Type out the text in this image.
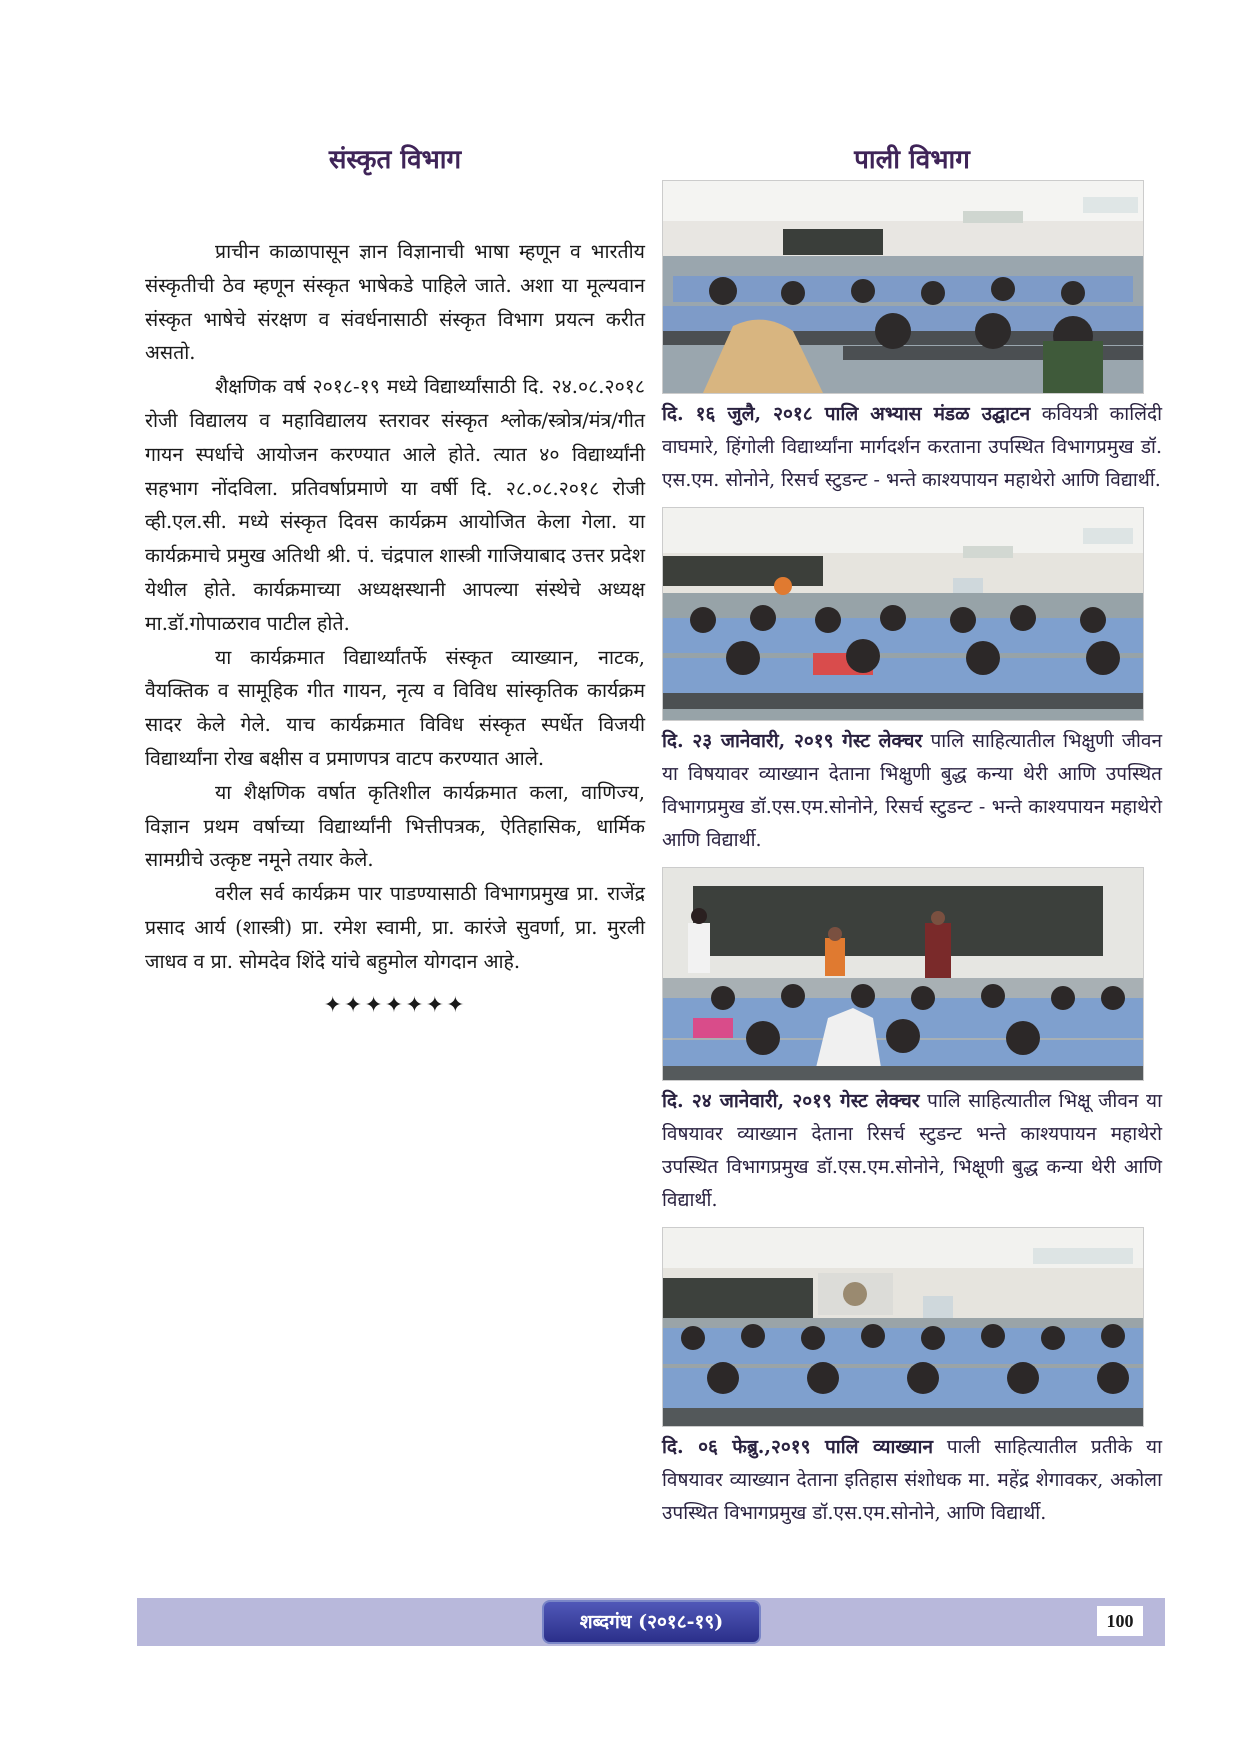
संस्कृत विभाग

प्राचीन काळापासून ज्ञान विज्ञानाची भाषा म्हणून व भारतीय संस्कृतीची ठेव म्हणून संस्कृत भाषेकडे पाहिले जाते. अशा या मूल्यवान संस्कृत भाषेचे संरक्षण व संवर्धनासाठी संस्कृत विभाग प्रयत्न करीत असतो.

शैक्षणिक वर्ष २०१८-१९ मध्ये विद्यार्थ्यांसाठी दि. २४.०८.२०१८ रोजी विद्यालय व महाविद्यालय स्तरावर संस्कृत श्लोक/स्त्रोत्र/मंत्र/गीत गायन स्पर्धाचे आयोजन करण्यात आले होते. त्यात ४० विद्यार्थ्यांनी सहभाग नोंदविला. प्रतिवर्षाप्रमाणे या वर्षी दि. २८.०८.२०१८ रोजी व्ही.एल.सी. मध्ये संस्कृत दिवस कार्यक्रम आयोजित केला गेला. या कार्यक्रमाचे प्रमुख अतिथी श्री. पं. चंद्रपाल शास्त्री गाजियाबाद उत्तर प्रदेश येथील होते. कार्यक्रमाच्या अध्यक्षस्थानी आपल्या संस्थेचे अध्यक्ष मा.डॉ.गोपाळराव पाटील होते.

या कार्यक्रमात विद्यार्थ्यांतर्फे संस्कृत व्याख्यान, नाटक, वैयक्तिक व सामूहिक गीत गायन, नृत्य व विविध सांस्कृतिक कार्यक्रम सादर केले गेले. याच कार्यक्रमात विविध संस्कृत स्पर्धेत विजयी विद्यार्थ्यांना रोख बक्षीस व प्रमाणपत्र वाटप करण्यात आले.

या शैक्षणिक वर्षात कृतिशील कार्यक्रमात कला, वाणिज्य, विज्ञान प्रथम वर्षाच्या विद्यार्थ्यांनी भित्तीपत्रक, ऐतिहासिक, धार्मिक सामग्रीचे उत्कृष्ट नमूने तयार केले.

वरील सर्व कार्यक्रम पार पाडण्यासाठी विभागप्रमुख प्रा. राजेंद्र प्रसाद आर्य (शास्त्री) प्रा. रमेश स्वामी, प्रा. कारंजे सुवर्णा, प्रा. मुरली जाधव व प्रा. सोमदेव शिंदे यांचे बहुमोल योगदान आहे.

✦✦✦✦✦✦✦
पाली विभाग

दि. १६ जुलै, २०१८ पालि अभ्यास मंडळ उद्घाटन कवियत्री कालिंदी वाघमारे, हिंगोली विद्यार्थ्यांना मार्गदर्शन करताना उपस्थित विभागप्रमुख डॉ. एस.एम. सोनोने, रिसर्च स्टुडन्ट - भन्ते काश्यपायन महाथेरो आणि विद्यार्थी.

दि. २३ जानेवारी, २०१९ गेस्ट लेक्चर पालि साहित्यातील भिक्षुणी जीवन या विषयावर व्याख्यान देताना भिक्षुणी बुद्ध कन्या थेरी आणि उपस्थित विभागप्रमुख डॉ.एस.एम.सोनोने, रिसर्च स्टुडन्ट - भन्ते काश्यपायन महाथेरो आणि विद्यार्थी.

दि. २४ जानेवारी, २०१९ गेस्ट लेक्चर पालि साहित्यातील भिक्षू जीवन या विषयावर व्याख्यान देताना रिसर्च स्टुडन्ट भन्ते काश्यपायन महाथेरो उपस्थित विभागप्रमुख डॉ.एस.एम.सोनोने, भिक्षूणी बुद्ध कन्या थेरी आणि विद्यार्थी.

दि. ०६ फेब्रु.,२०१९ पालि व्याख्यान पाली साहित्यातील प्रतीके या विषयावर व्याख्यान देताना इतिहास संशोधक मा. महेंद्र शेगावकर, अकोला उपस्थित विभागप्रमुख डॉ.एस.एम.सोनोने, आणि विद्यार्थी.

शब्दगंध (२०१८-१९)	100
